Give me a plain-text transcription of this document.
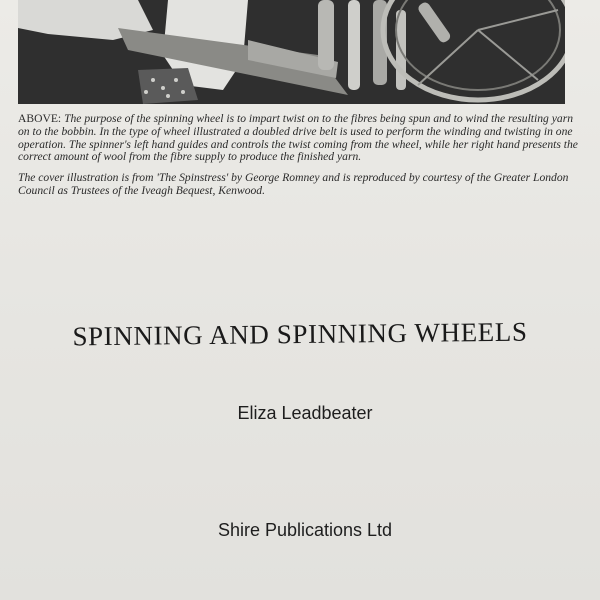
ABOVE: The purpose of the spinning wheel is to impart twist on to the fibres being spun and to wind the resulting yarn on to the bobbin. In the type of wheel illustrated a doubled drive belt is used to perform the winding and twisting in one operation. The spinner's left hand guides and controls the twist coming from the wheel, while her right hand presents the correct amount of wool from the fibre supply to produce the finished yarn.

The cover illustration is from 'The Spinstress' by George Romney and is reproduced by courtesy of the Greater London Council as Trustees of the Iveagh Bequest, Kenwood.

SPINNING AND SPINNING WHEELS
Eliza Leadbeater
Shire Publications Ltd
